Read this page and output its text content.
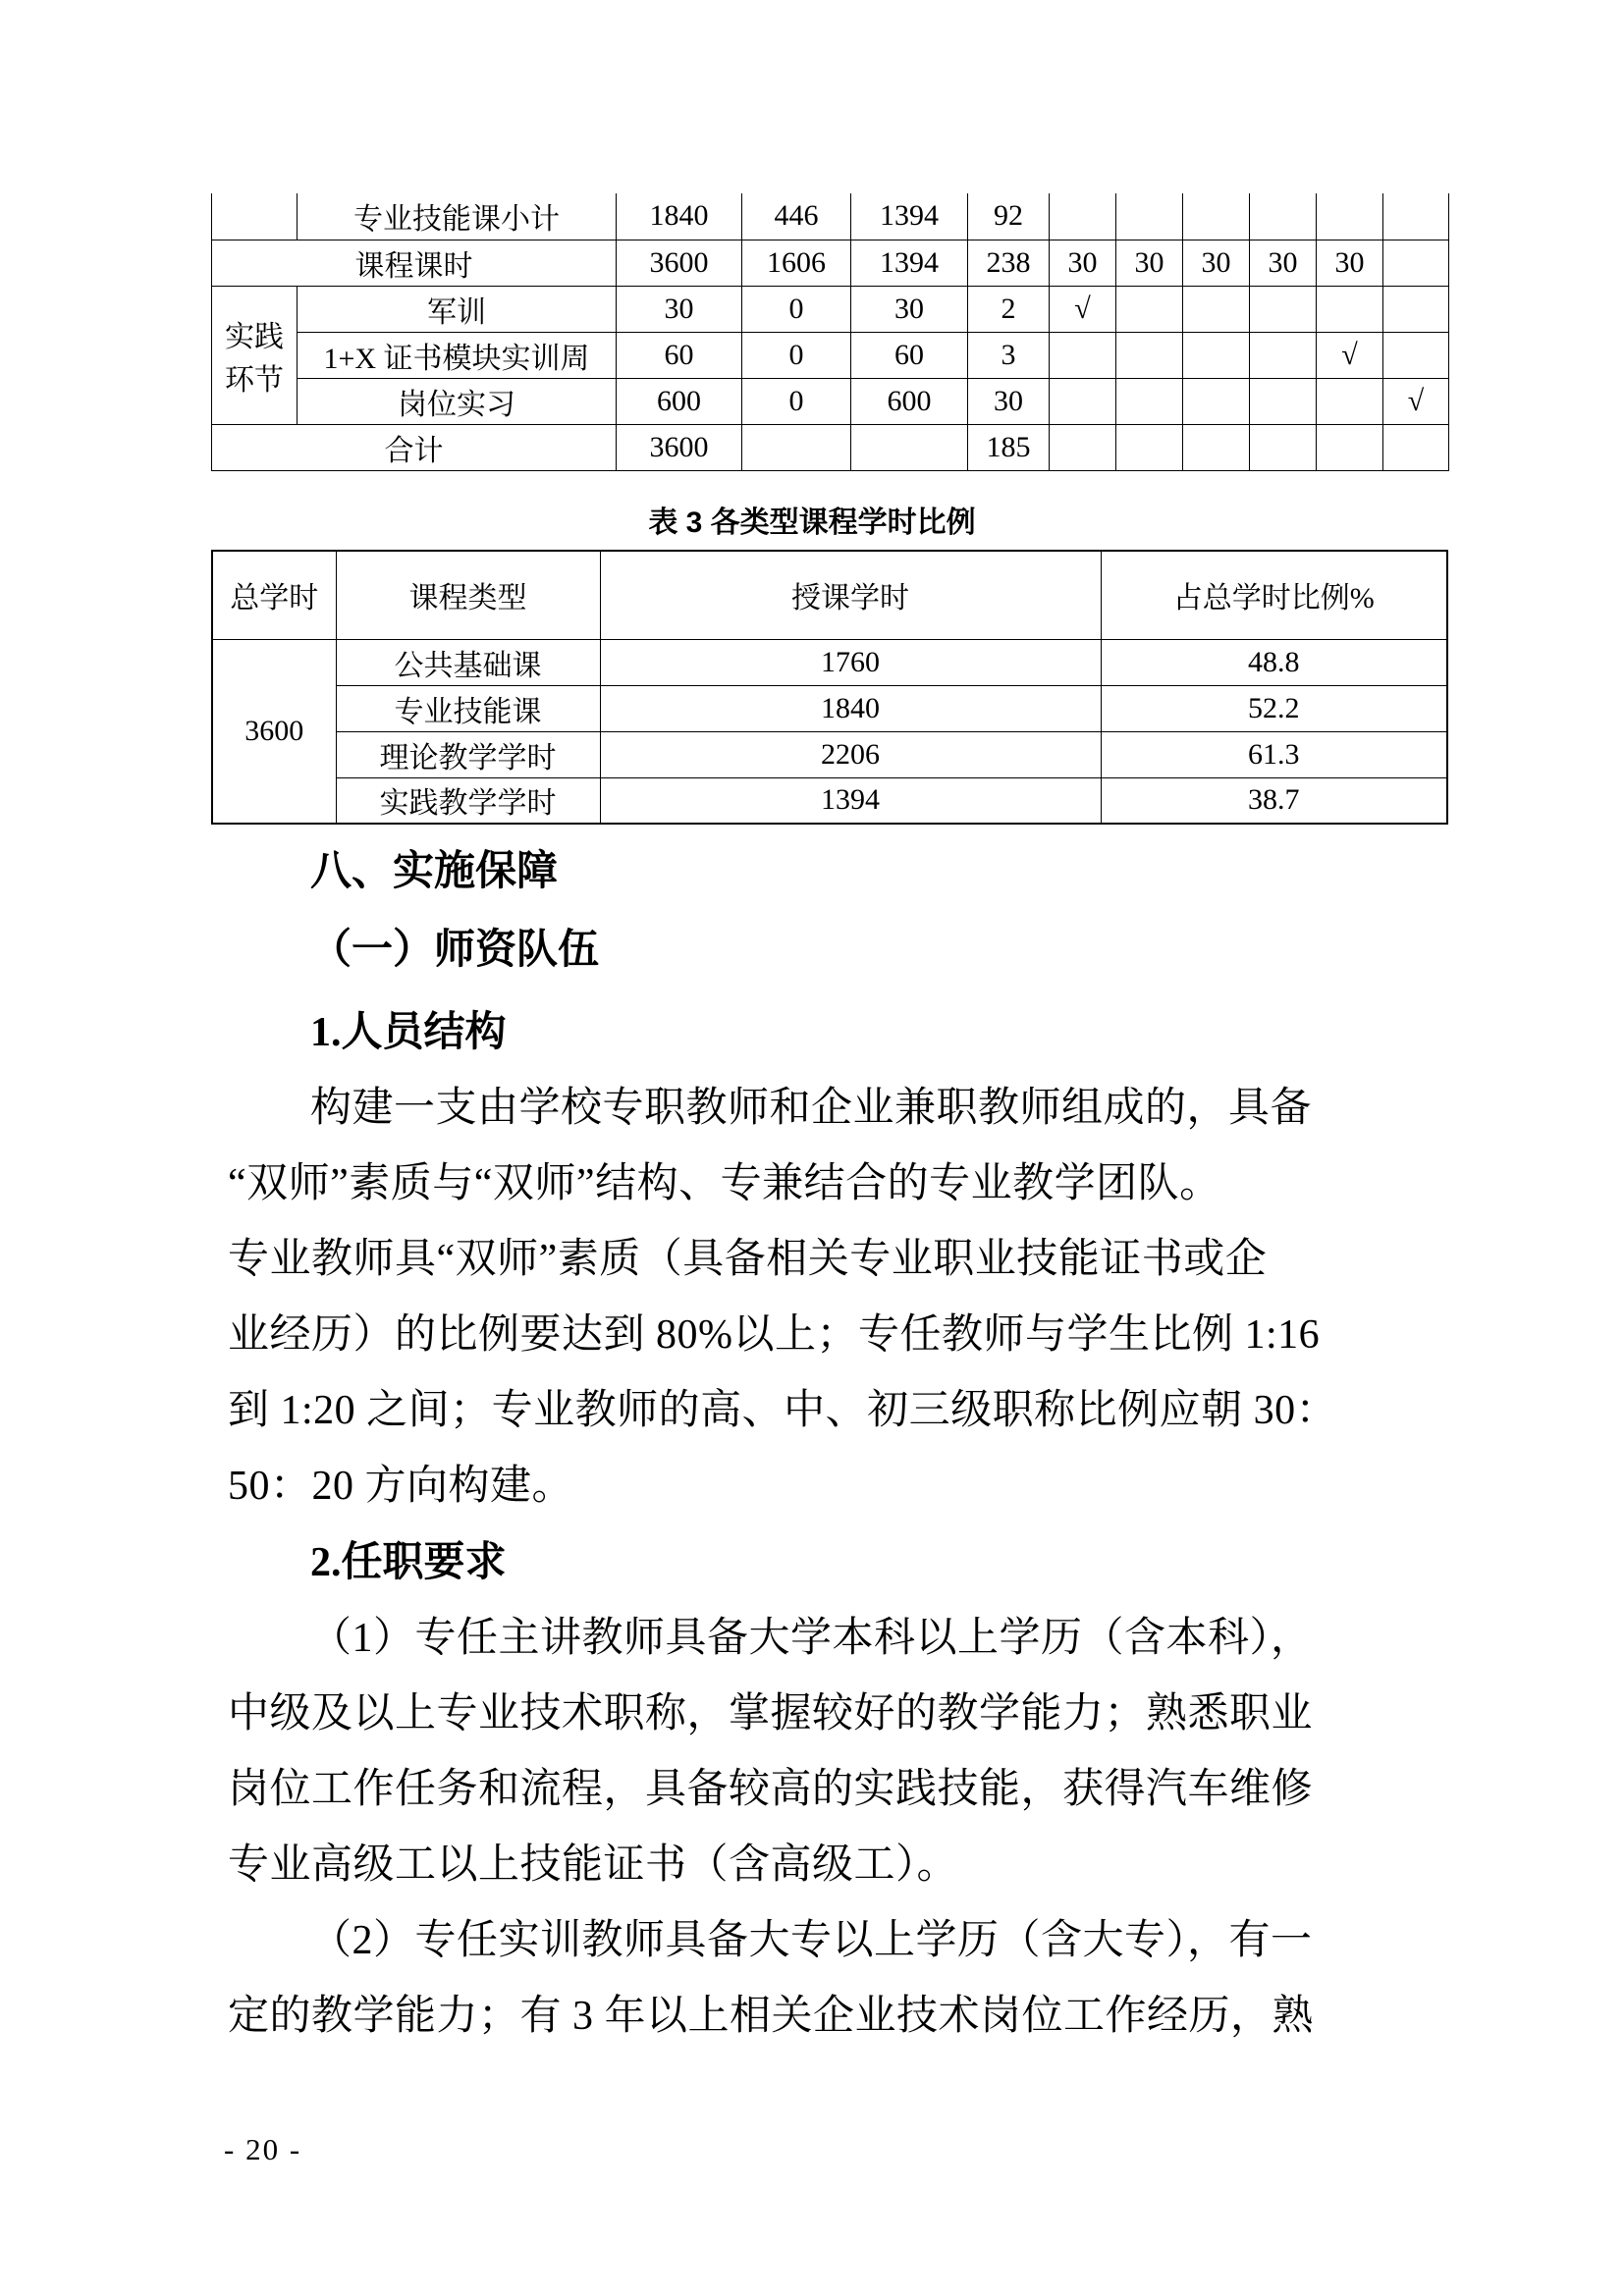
	专业技能课小计	1840	446	1394	92						
课程课时		3600	1606	1394	238	30	30	30	30	30	
实践环节	军训	30	0	30	2	√					
	1+X 证书模块实训周	60	0	60	3					√	
	岗位实习	600	0	600	30						√
合计		3600			185						
表 3 各类型课程学时比例
总学时	课程类型	授课学时	占总学时比例%
3600	公共基础课	1760	48.8
	专业技能课	1840	52.2
	理论教学学时	2206	61.3
	实践教学学时	1394	38.7
八、实施保障
（一）师资队伍
1.人员结构
构建一支由学校专职教师和企业兼职教师组成的，具备
“双师”素质与“双师”结构、专兼结合的专业教学团队。
专业教师具“双师”素质（具备相关专业职业技能证书或企
业经历）的比例要达到 80%以上；专任教师与学生比例 1:16
到 1:20 之间；专业教师的高、中、初三级职称比例应朝 30：
50：20 方向构建。
2.任职要求
（1）专任主讲教师具备大学本科以上学历（含本科），
中级及以上专业技术职称，掌握较好的教学能力；熟悉职业
岗位工作任务和流程，具备较高的实践技能，获得汽车维修
专业高级工以上技能证书（含高级工）。
（2）专任实训教师具备大专以上学历（含大专），有一
定的教学能力；有 3 年以上相关企业技术岗位工作经历，熟
- 20 -
